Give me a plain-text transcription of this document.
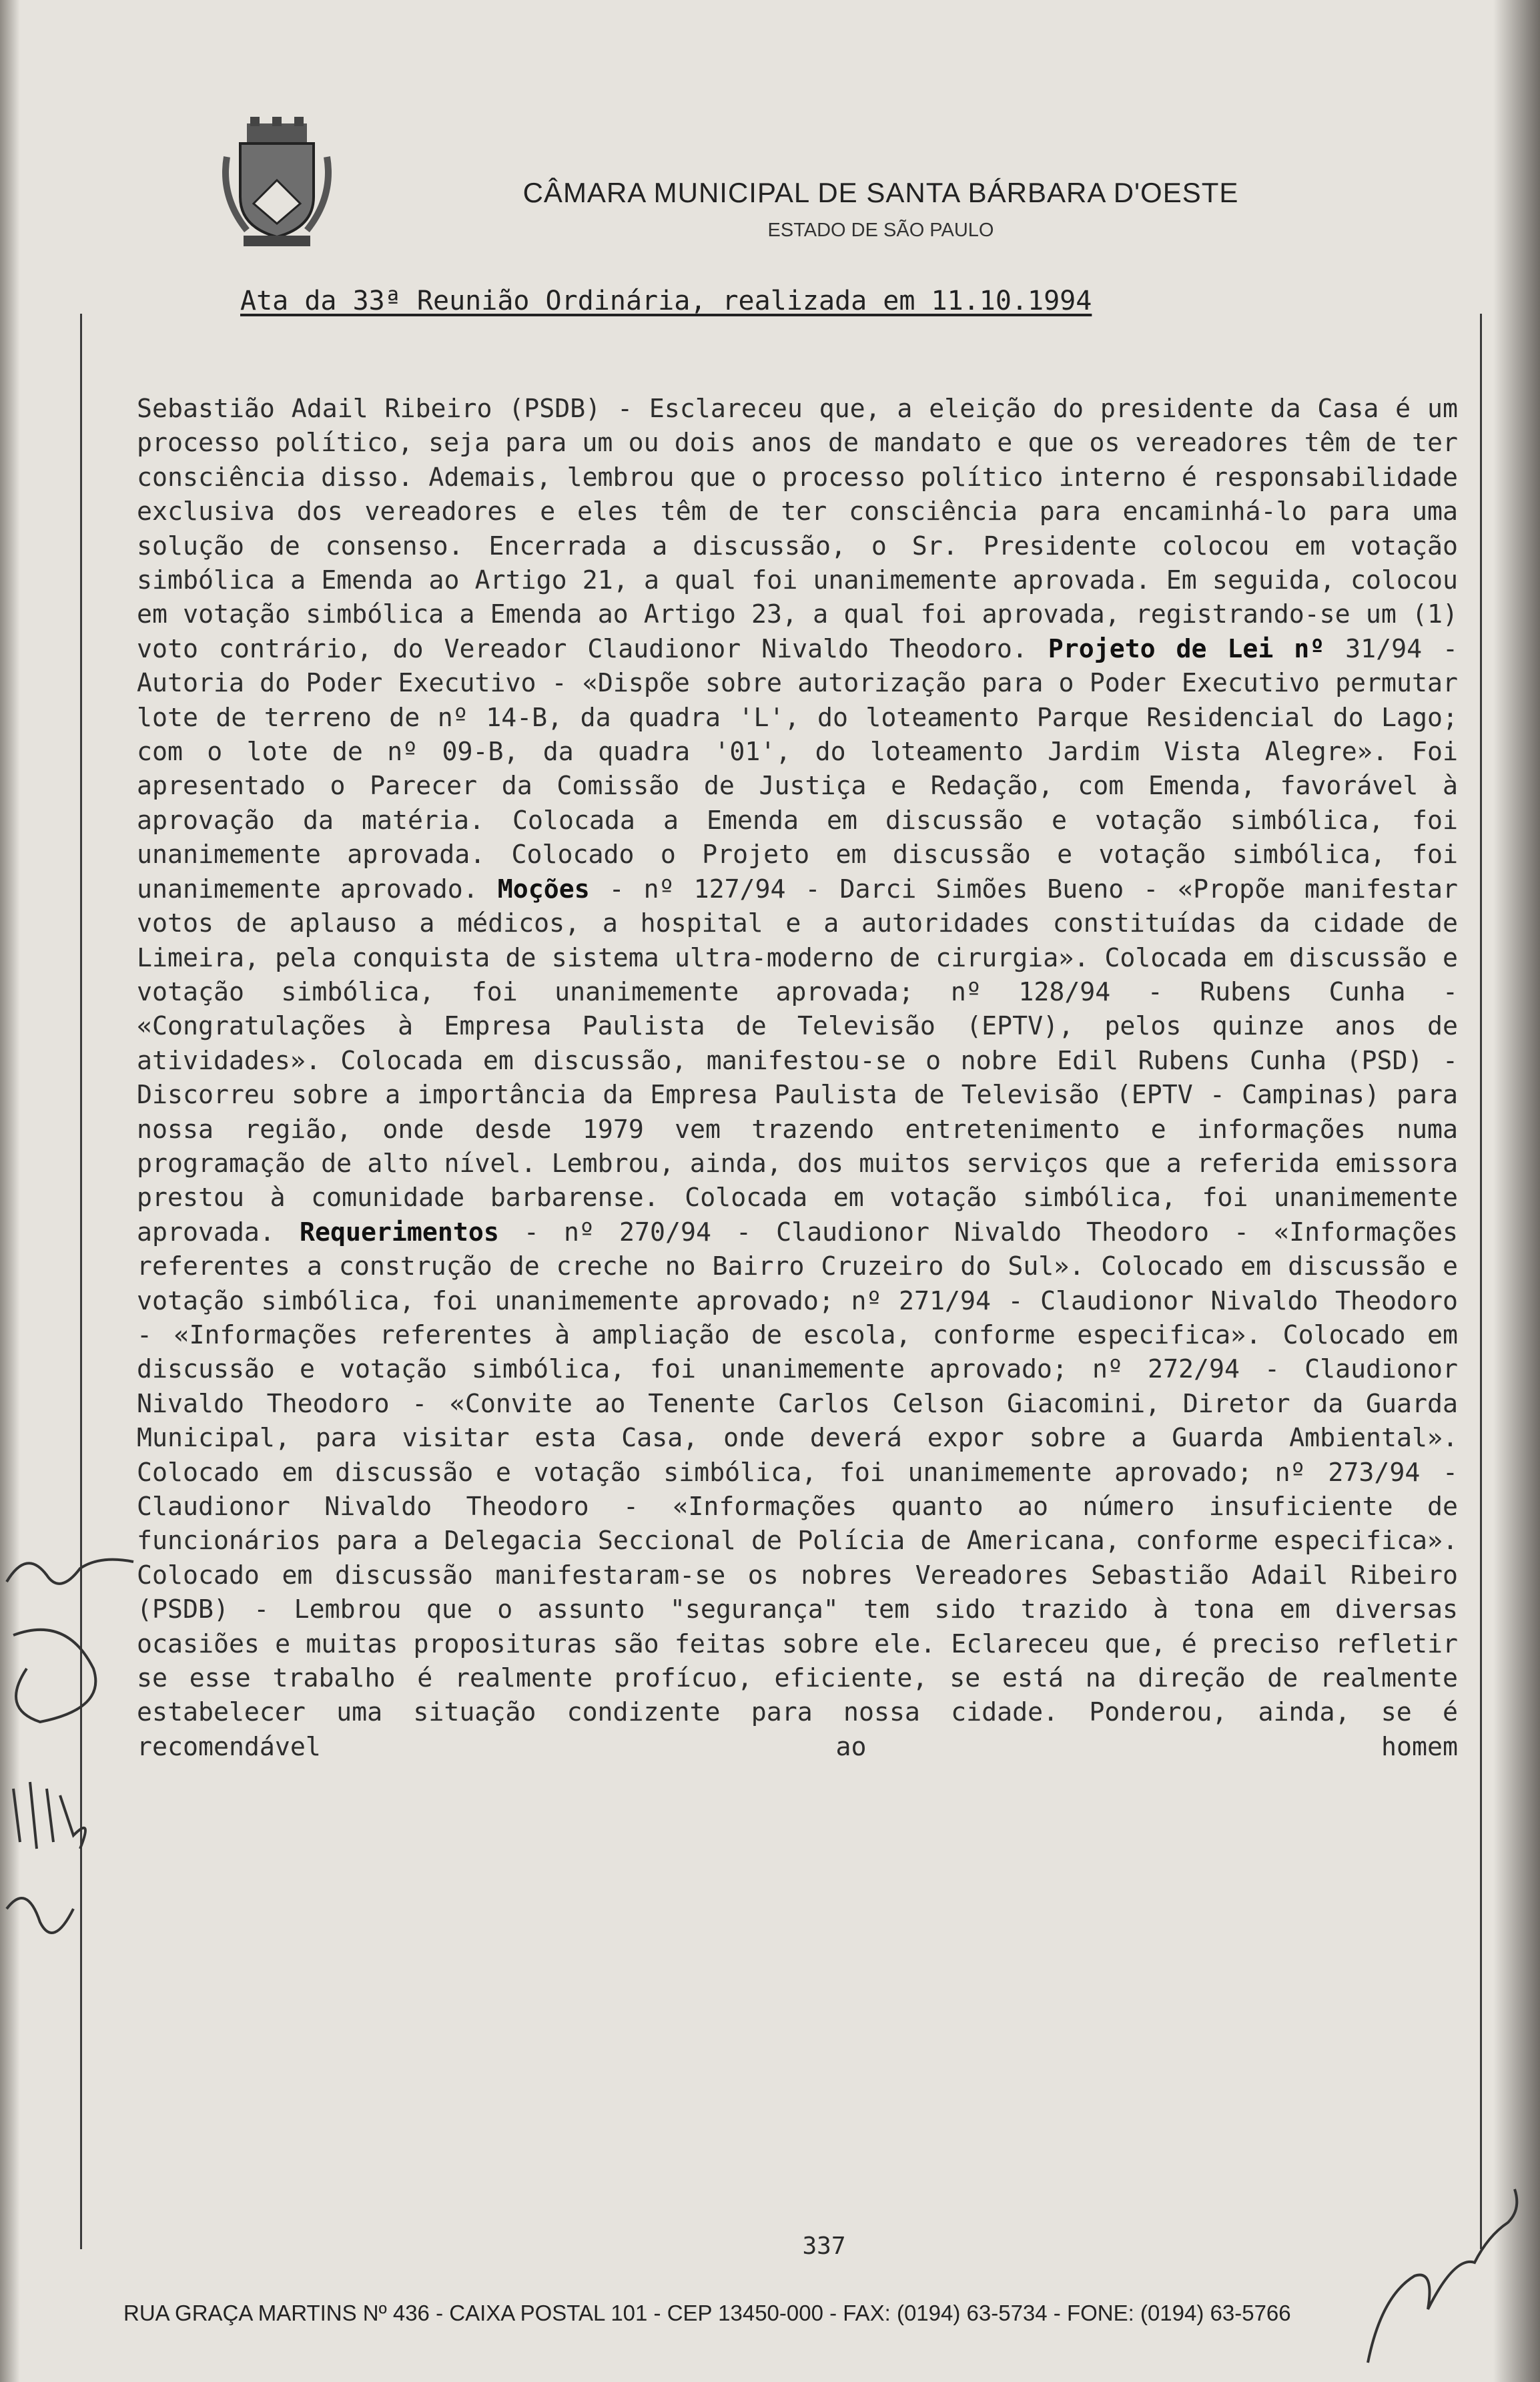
CÂMARA MUNICIPAL DE SANTA BÁRBARA D'OESTE
ESTADO DE SÃO PAULO
Ata da 33ª Reunião Ordinária, realizada em 11.10.1994
Sebastião Adail Ribeiro (PSDB) - Esclareceu que, a eleição do presidente da Casa é um processo político, seja para um ou dois anos de mandato e que os vereadores têm de ter consciência disso. Ademais, lembrou que o processo político interno é responsabilidade exclusiva dos vereadores e eles têm de ter consciência para encaminhá-lo para uma solução de consenso. Encerrada a discussão, o Sr. Presidente colocou em votação simbólica a Emenda ao Artigo 21, a qual foi unanimemente aprovada. Em seguida, colocou em votação simbólica a Emenda ao Artigo 23, a qual foi aprovada, registrando-se um (1) voto contrário, do Vereador Claudionor Nivaldo Theodoro. Projeto de Lei nº 31/94 - Autoria do Poder Executivo - «Dispõe sobre autorização para o Poder Executivo permutar lote de terreno de nº 14-B, da quadra 'L', do loteamento Parque Residencial do Lago; com o lote de nº 09-B, da quadra '01', do loteamento Jardim Vista Alegre». Foi apresentado o Parecer da Comissão de Justiça e Redação, com Emenda, favorável à aprovação da matéria. Colocada a Emenda em discussão e votação simbólica, foi unanimemente aprovada. Colocado o Projeto em discussão e votação simbólica, foi unanimemente aprovado. Moções - nº 127/94 - Darci Simões Bueno - «Propõe manifestar votos de aplauso a médicos, a hospital e a autoridades constituídas da cidade de Limeira, pela conquista de sistema ultra-moderno de cirurgia». Colocada em discussão e votação simbólica, foi unanimemente aprovada; nº 128/94 - Rubens Cunha - «Congratulações à Empresa Paulista de Televisão (EPTV), pelos quinze anos de atividades». Colocada em discussão, manifestou-se o nobre Edil Rubens Cunha (PSD) - Discorreu sobre a importância da Empresa Paulista de Televisão (EPTV - Campinas) para nossa região, onde desde 1979 vem trazendo entretenimento e informações numa programação de alto nível. Lembrou, ainda, dos muitos serviços que a referida emissora prestou à comunidade barbarense. Colocada em votação simbólica, foi unanimemente aprovada. Requerimentos - nº 270/94 - Claudionor Nivaldo Theodoro - «Informações referentes a construção de creche no Bairro Cruzeiro do Sul». Colocado em discussão e votação simbólica, foi unanimemente aprovado; nº 271/94 - Claudionor Nivaldo Theodoro - «Informações referentes à ampliação de escola, conforme especifica». Colocado em discussão e votação simbólica, foi unanimemente aprovado; nº 272/94 - Claudionor Nivaldo Theodoro - «Convite ao Tenente Carlos Celson Giacomini, Diretor da Guarda Municipal, para visitar esta Casa, onde deverá expor sobre a Guarda Ambiental». Colocado em discussão e votação simbólica, foi unanimemente aprovado; nº 273/94 - Claudionor Nivaldo Theodoro - «Informações quanto ao número insuficiente de funcionários para a Delegacia Seccional de Polícia de Americana, conforme especifica». Colocado em discussão manifestaram-se os nobres Vereadores Sebastião Adail Ribeiro (PSDB) - Lembrou que o assunto "segurança" tem sido trazido à tona em diversas ocasiões e muitas proposituras são feitas sobre ele. Eclareceu que, é preciso refletir se esse trabalho é realmente profícuo, eficiente, se está na direção de realmente estabelecer uma situação condizente para nossa cidade. Ponderou, ainda, se é recomendável ao homem
337
RUA GRAÇA MARTINS Nº 436 - CAIXA POSTAL 101 - CEP 13450-000 - FAX: (0194) 63-5734 - FONE: (0194) 63-5766
